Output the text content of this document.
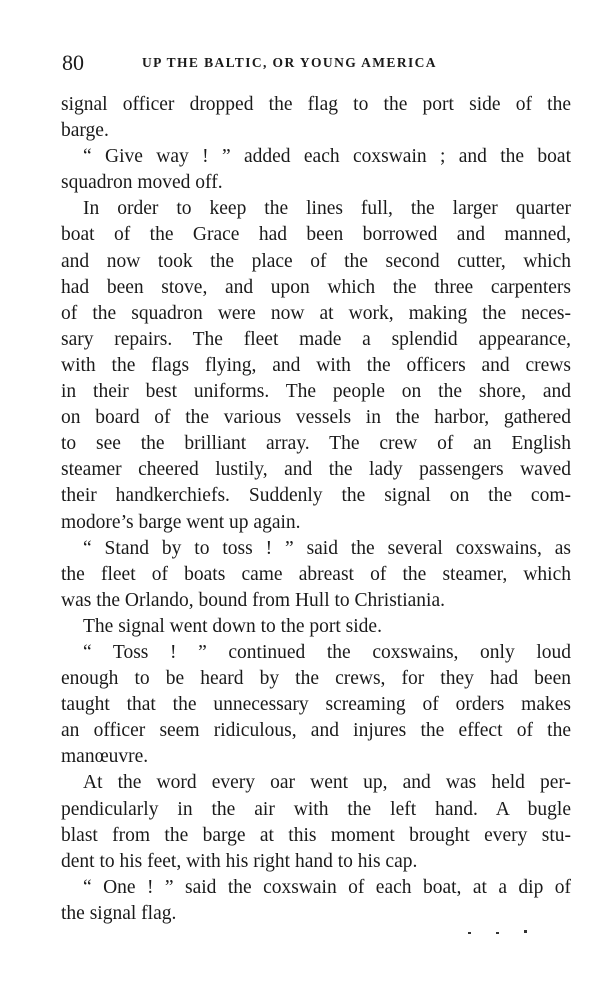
80	UP THE BALTIC, OR YOUNG AMERICA
signal officer dropped the flag to the port side of the
barge.
“ Give way ! ” added each coxswain ; and the boat
squadron moved off.
In order to keep the lines full, the larger quarter
boat of the Grace had been borrowed and manned,
and now took the place of the second cutter, which
had been stove, and upon which the three carpenters
of the squadron were now at work, making the neces-
sary repairs. The fleet made a splendid appearance,
with the flags flying, and with the officers and crews
in their best uniforms. The people on the shore, and
on board of the various vessels in the harbor, gathered
to see the brilliant array. The crew of an English
steamer cheered lustily, and the lady passengers waved
their handkerchiefs. Suddenly the signal on the com-
modore’s barge went up again.
“ Stand by to toss ! ” said the several coxswains, as
the fleet of boats came abreast of the steamer, which
was the Orlando, bound from Hull to Christiania.
The signal went down to the port side.
“ Toss ! ” continued the coxswains, only loud
enough to be heard by the crews, for they had been
taught that the unnecessary screaming of orders makes
an officer seem ridiculous, and injures the effect of the
manœuvre.
At the word every oar went up, and was held per-
pendicularly in the air with the left hand. A bugle
blast from the barge at this moment brought every stu-
dent to his feet, with his right hand to his cap.
“ One ! ” said the coxswain of each boat, at a dip of
the signal flag.
